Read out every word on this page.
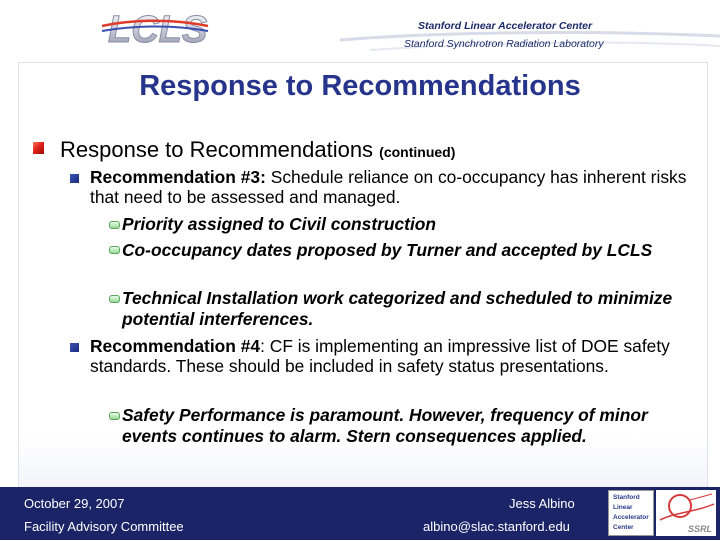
LCLS	Stanford Linear Accelerator Center
Stanford Synchrotron Radiation Laboratory
Response to Recommendations
Response to Recommendations (continued)
Recommendation #3: Schedule reliance on co-occupancy has inherent risks that need to be assessed and managed.
Priority assigned to Civil construction
Co-occupancy dates proposed by Turner and accepted by LCLS
Technical Installation work categorized and scheduled to minimize potential interferences.
Recommendation #4: CF is implementing an impressive list of DOE safety standards. These should be included in safety status presentations.
Safety Performance is paramount. However, frequency of minor events continues to alarm. Stern consequences applied.
October 29, 2007
Facility Advisory Committee
Jess Albino
albino@slac.stanford.edu
Stanford
Linear
Accelerator
Center	SSRL
